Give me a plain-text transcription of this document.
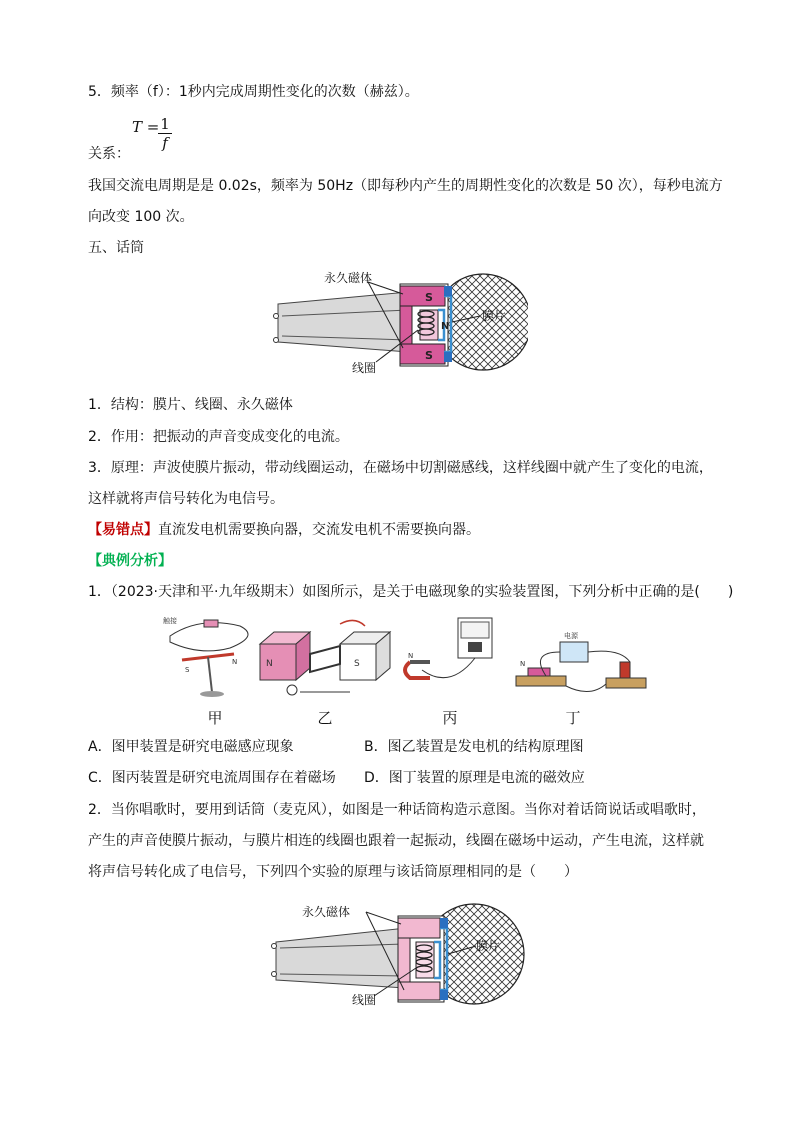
5．频率（f）：1秒内完成周期性变化的次数（赫兹）。
T =
$\frac{1}{f}$
关系：
我国交流电周期是是 0.02s，频率为 50Hz（即每秒内产生的周期性变化的次数是 50 次），每秒电流方
向改变 100 次。
五、话筒
S
S
N
永久磁体
膜片
线圈
1．结构：膜片、线圈、永久磁体
2．作用：把振动的声音变成变化的电流。
3．原理：声波使膜片振动，带动线圈运动，在磁场中切割磁感线，这样线圈中就产生了变化的电流，
这样就将声信号转化为电信号。
【易错点】直流发电机需要换向器，交流发电机不需要换向器。
【典例分析】
1．（2023·天津和平·九年级期末）如图所示，是关于电磁现象的实验装置图，下列分析中正确的是(　　)
触接
S
N	N	S
N
电源
N
甲	乙	丙	丁
A．图甲装置是研究电磁感应现象	B．图乙装置是发电机的结构原理图
C．图丙装置是研究电流周围存在着磁场 D．图丁装置的原理是电流的磁效应
2．当你唱歌时，要用到话筒（麦克风），如图是一种话筒构造示意图。当你对着话筒说话或唱歌时，
产生的声音使膜片振动，与膜片相连的线圈也跟着一起振动，线圈在磁场中运动，产生电流，这样就
将声信号转化成了电信号，下列四个实验的原理与该话筒原理相同的是（　　）
永久磁体
膜片
线圈
